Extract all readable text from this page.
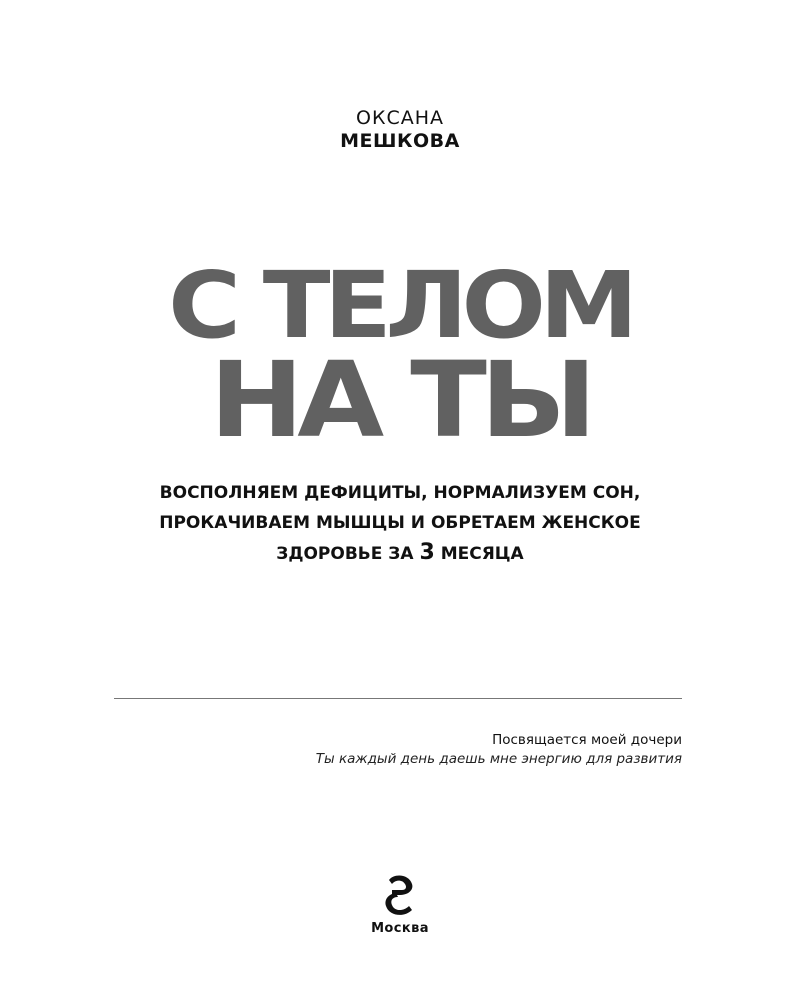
ОКСАНА
МЕШКОВА
С ТЕЛОМ
НА ТЫ
ВОСПОЛНЯЕМ ДЕФИЦИТЫ, НОРМАЛИЗУЕМ СОН,
ПРОКАЧИВАЕМ МЫШЦЫ И ОБРЕТАЕМ ЖЕНСКОЕ
ЗДОРОВЬЕ ЗА 3 МЕСЯЦА
Посвящается моей дочери
Ты каждый день даешь мне энергию для развития
Москва
